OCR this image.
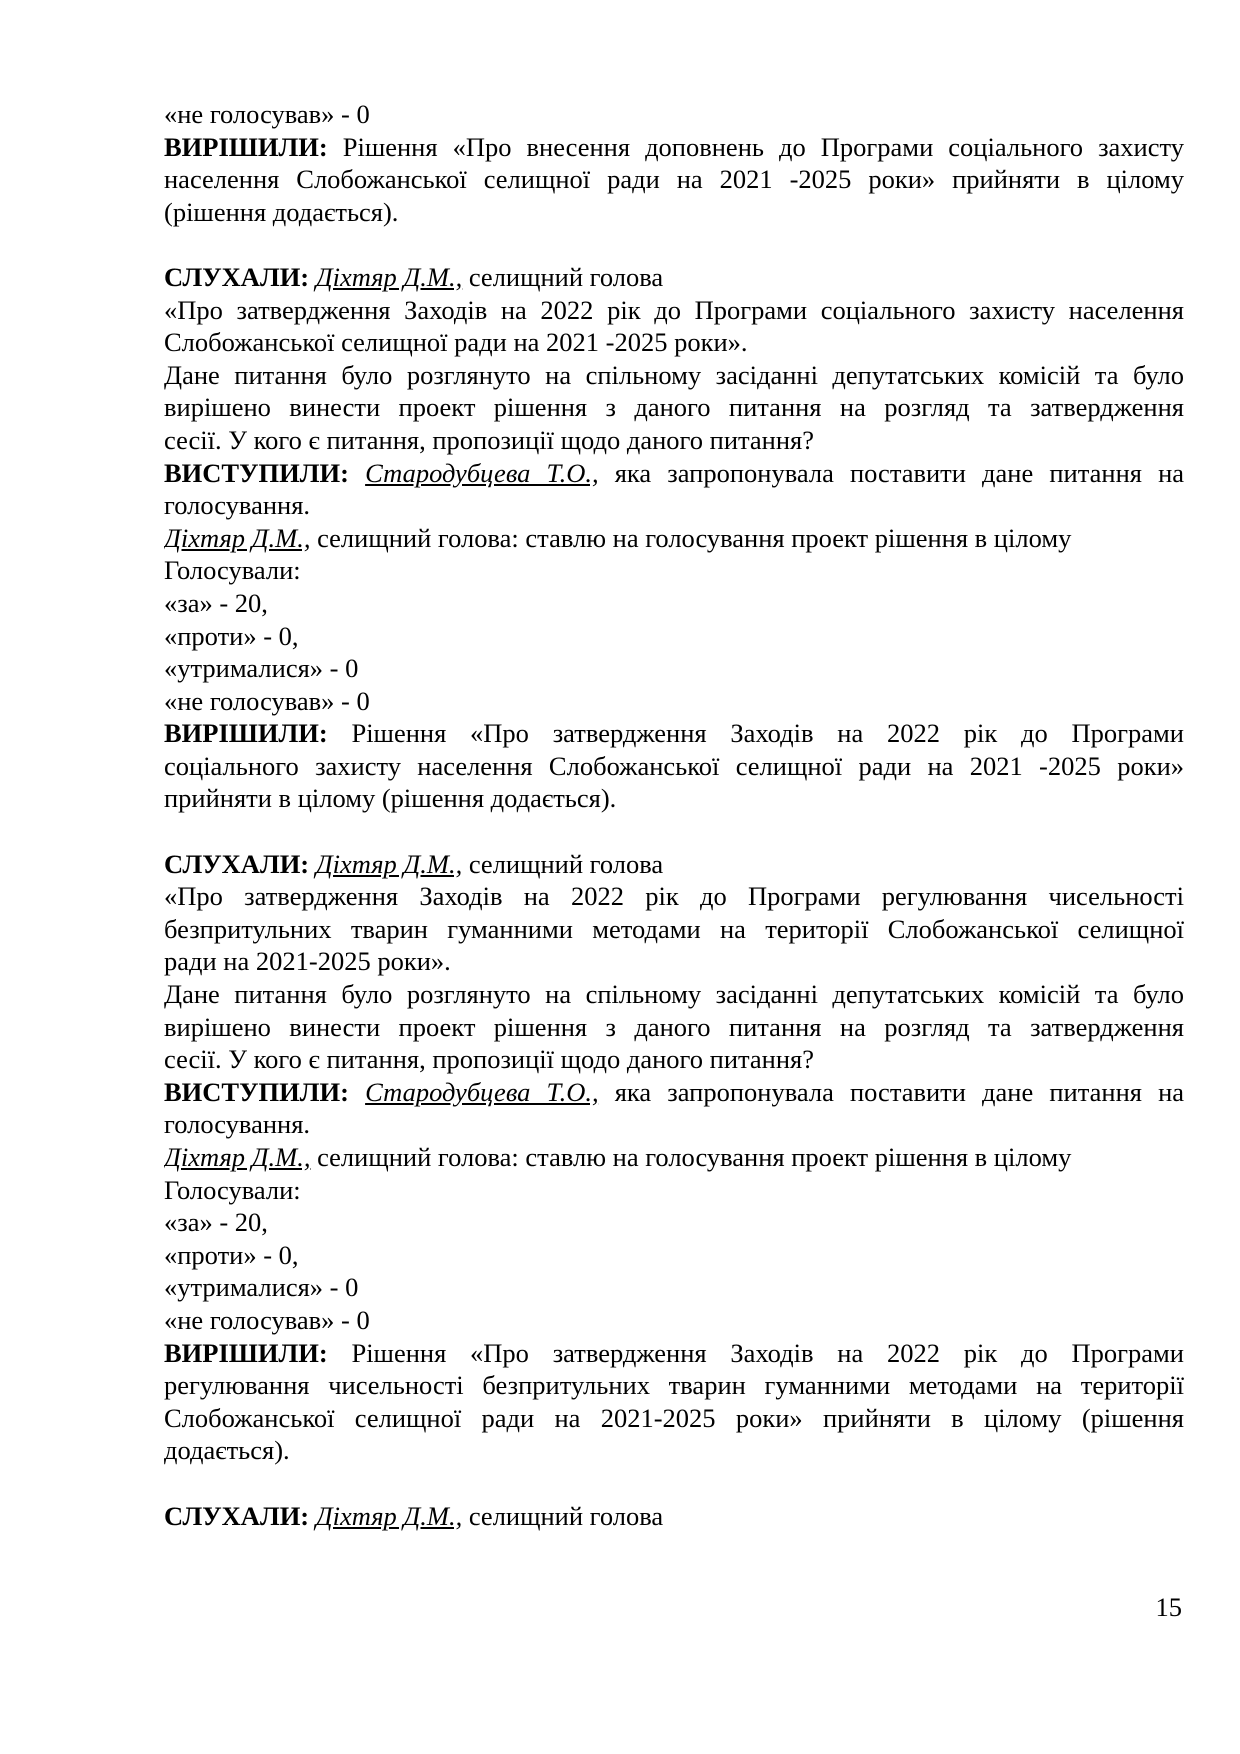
«не голосував» - 0
ВИРІШИЛИ: Рішення «Про внесення доповнень до Програми соціального захисту
населення Слобожанської селищної ради на 2021 -2025 роки» прийняти в цілому
(рішення додається).
СЛУХАЛИ: Діхтяр Д.М., селищний голова
«Про затвердження Заходів на 2022 рік до Програми соціального захисту населення
Слобожанської селищної ради на 2021 -2025 роки».
Дане питання було розглянуто на спільному засіданні депутатських комісій та було
вирішено винести проект рішення з даного питання на розгляд та затвердження
сесії. У кого є питання, пропозиції щодо даного питання?
ВИСТУПИЛИ: Стародубцева Т.О., яка запропонувала поставити дане питання на
голосування.
Діхтяр Д.М., селищний голова: ставлю на голосування проект рішення в цілому
Голосували:
«за» - 20,
«проти» - 0,
«утрималися» - 0
«не голосував» - 0
ВИРІШИЛИ: Рішення «Про затвердження Заходів на 2022 рік до Програми
соціального захисту населення Слобожанської селищної ради на 2021 -2025 роки»
прийняти в цілому (рішення додається).
СЛУХАЛИ: Діхтяр Д.М., селищний голова
«Про затвердження Заходів на 2022 рік до Програми регулювання чисельності
безпритульних тварин гуманними методами на території Слобожанської селищної
ради на 2021-2025 роки».
Дане питання було розглянуто на спільному засіданні депутатських комісій та було
вирішено винести проект рішення з даного питання на розгляд та затвердження
сесії. У кого є питання, пропозиції щодо даного питання?
ВИСТУПИЛИ: Стародубцева Т.О., яка запропонувала поставити дане питання на
голосування.
Діхтяр Д.М., селищний голова: ставлю на голосування проект рішення в цілому
Голосували:
«за» - 20,
«проти» - 0,
«утрималися» - 0
«не голосував» - 0
ВИРІШИЛИ: Рішення «Про затвердження Заходів на 2022 рік до Програми
регулювання чисельності безпритульних тварин гуманними методами на території
Слобожанської селищної ради на 2021-2025 роки» прийняти в цілому (рішення
додається).
СЛУХАЛИ: Діхтяр Д.М., селищний голова
15
